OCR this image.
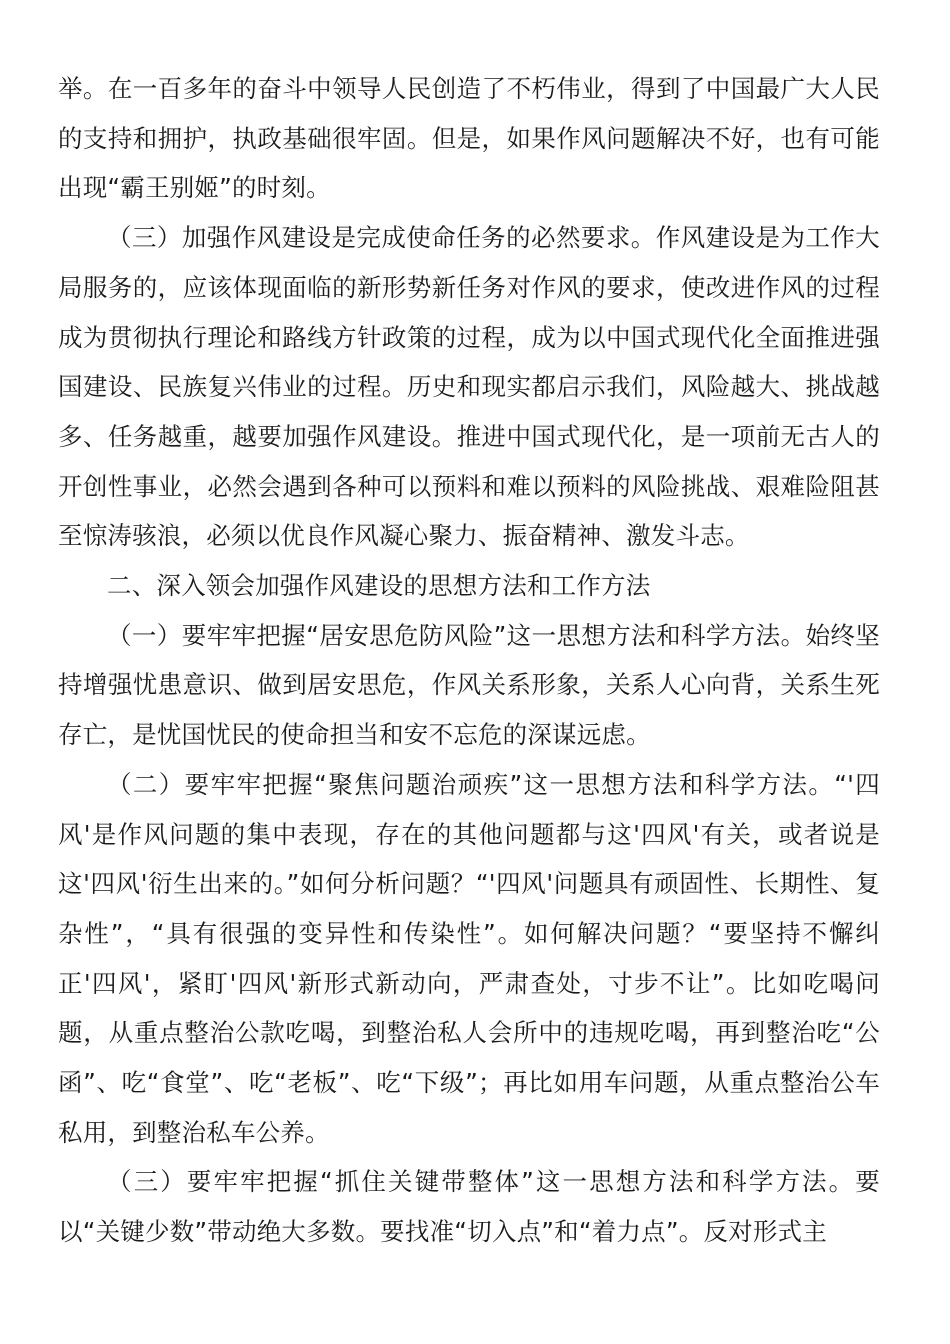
举。在一百多年的奋斗中领导人民创造了不朽伟业，得到了中国最广大人民的支持和拥护，执政基础很牢固。但是，如果作风问题解决不好，也有可能出现“霸王别姬”的时刻。

（三）加强作风建设是完成使命任务的必然要求。作风建设是为工作大局服务的，应该体现面临的新形势新任务对作风的要求，使改进作风的过程成为贯彻执行理论和路线方针政策的过程，成为以中国式现代化全面推进强国建设、民族复兴伟业的过程。历史和现实都启示我们，风险越大、挑战越多、任务越重，越要加强作风建设。推进中国式现代化，是一项前无古人的开创性事业，必然会遇到各种可以预料和难以预料的风险挑战、艰难险阻甚至惊涛骇浪，必须以优良作风凝心聚力、振奋精神、激发斗志。

二、深入领会加强作风建设的思想方法和工作方法

（一）要牢牢把握“居安思危防风险”这一思想方法和科学方法。始终坚持增强忧患意识、做到居安思危，作风关系形象，关系人心向背，关系生死存亡，是忧国忧民的使命担当和安不忘危的深谋远虑。

（二）要牢牢把握“聚焦问题治顽疾”这一思想方法和科学方法。“'四风'是作风问题的集中表现，存在的其他问题都与这'四风'有关，或者说是这'四风'衍生出来的。”如何分析问题？“'四风'问题具有顽固性、长期性、复杂性”，“具有很强的变异性和传染性”。如何解决问题？“要坚持不懈纠正'四风'，紧盯'四风'新形式新动向，严肃查处，寸步不让”。比如吃喝问题，从重点整治公款吃喝，到整治私人会所中的违规吃喝，再到整治吃“公函”、吃“食堂”、吃“老板”、吃“下级”；再比如用车问题，从重点整治公车私用，到整治私车公养。

（三）要牢牢把握“抓住关键带整体”这一思想方法和科学方法。要以“关键少数”带动绝大多数。要找准“切入点”和“着力点”。反对形式主
